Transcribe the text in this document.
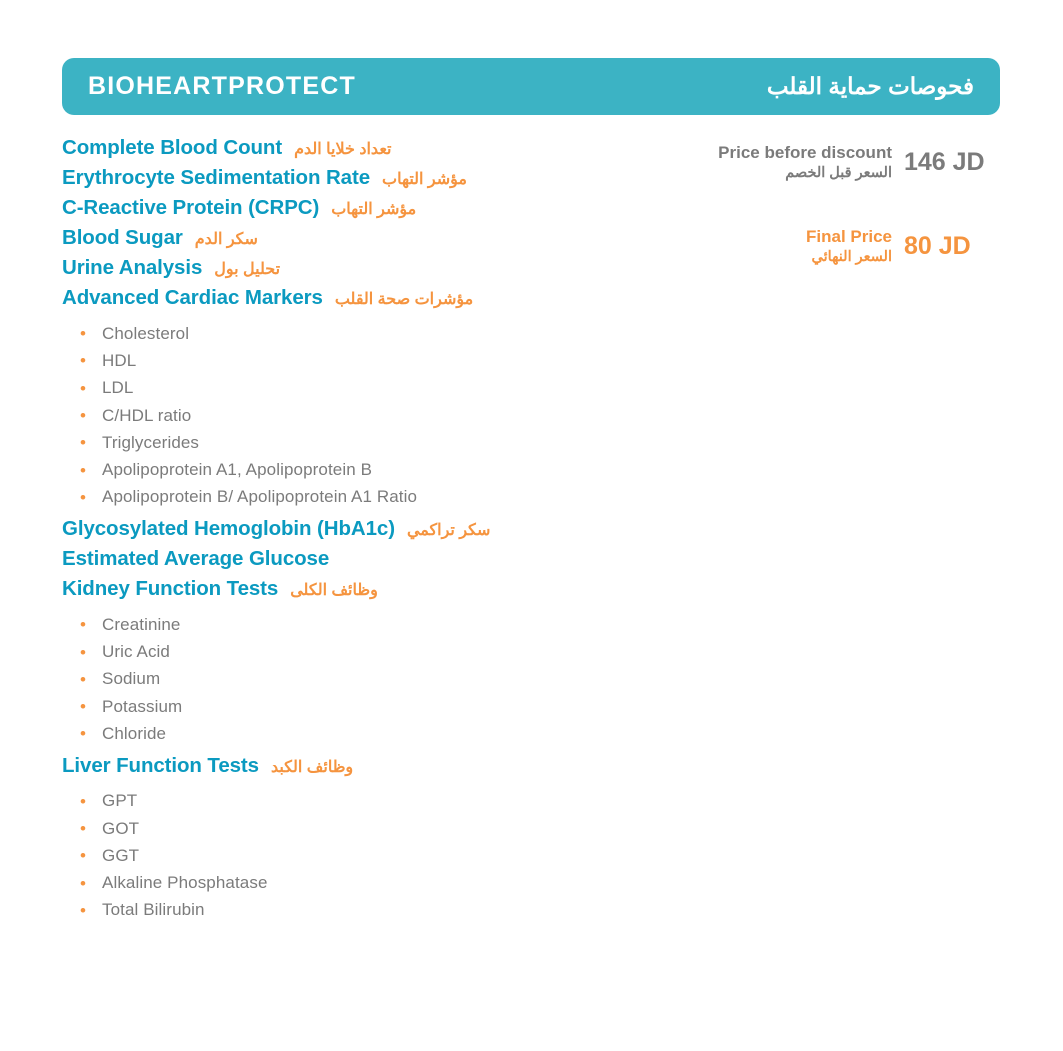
BIOHEARTPROTECT	فحوصات حماية القلب
Complete Blood Count تعداد خلايا الدم
Erythrocyte Sedimentation Rate مؤشر التهاب
C-Reactive Protein (CRPC) مؤشر التهاب
Blood Sugar سكر الدم
Urine Analysis تحليل بول
Advanced Cardiac Markers مؤشرات صحة القلب
• Cholesterol
• HDL
• LDL
• C/HDL ratio
• Triglycerides
• Apolipoprotein A1, Apolipoprotein B
• Apolipoprotein B/ Apolipoprotein A1 Ratio
Glycosylated Hemoglobin (HbA1c) سكر تراكمي
Estimated Average Glucose
Kidney Function Tests وظائف الكلى
• Creatinine
• Uric Acid
• Sodium
• Potassium
• Chloride
Liver Function Tests وظائف الكبد
• GPT
• GOT
• GGT
• Alkaline Phosphatase
• Total Bilirubin
Price before discount
السعر قبل الخصم 146 JD
Final Price
السعر النهائي 80 JD
